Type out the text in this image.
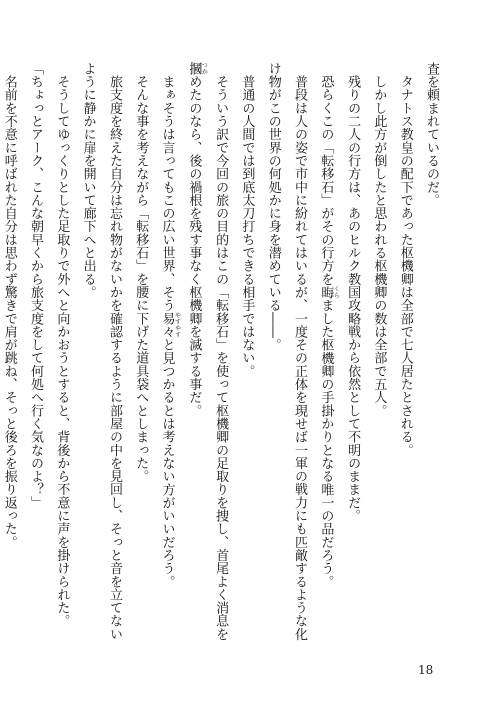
査を頼まれているのだ。
　タナトス教皇の配下であった枢機卿は全部で七人居たとされる。
　しかし此方が倒したと思われる枢機卿の数は全部で五人。
　残りの二人の行方は、あのヒルク教国攻略戦から依然として不明のままだ。
　恐らくこの「転移石」がその行方を晦 くらました枢機卿の手掛かりとなる唯一の品だろう。
　普段は人の姿で市中に紛れてはいるが、一度その正体を現せば一軍の戦力にも匹敵するような化
け物がこの世界の何処かに身を潜めている――。
　普通の人間では到底太刀打ちできる相手ではない。
　そういう訳で今回の旅の目的はこの「転移石」を使って枢機卿の足取りを捜し、首尾よく消息を
摑 つかめたのなら、後の禍根を残す事なく枢機卿を滅する事だ。
　まぁそうは言ってもこの広い世界、そう易々 やすやすと見つかるとは考えない方がいいだろう。
　そんな事を考えながら「転移石」を腰に下げた道具袋へとしまった。
　旅支度を終えた自分は忘れ物がないかを確認するように部屋の中を見回し、そっと音を立てない
ように静かに扉を開いて廊下へと出る。
　そうしてゆっくりとした足取りで外へと向かおうとすると、背後から不意に声を掛けられた。
「ちょっとアーク、こんな朝早くから旅支度をして何処へ行く気なのよ？」
　名前を不意に呼ばれた自分は思わず驚きで肩が跳ね、そっと後ろを振り返った。
18
